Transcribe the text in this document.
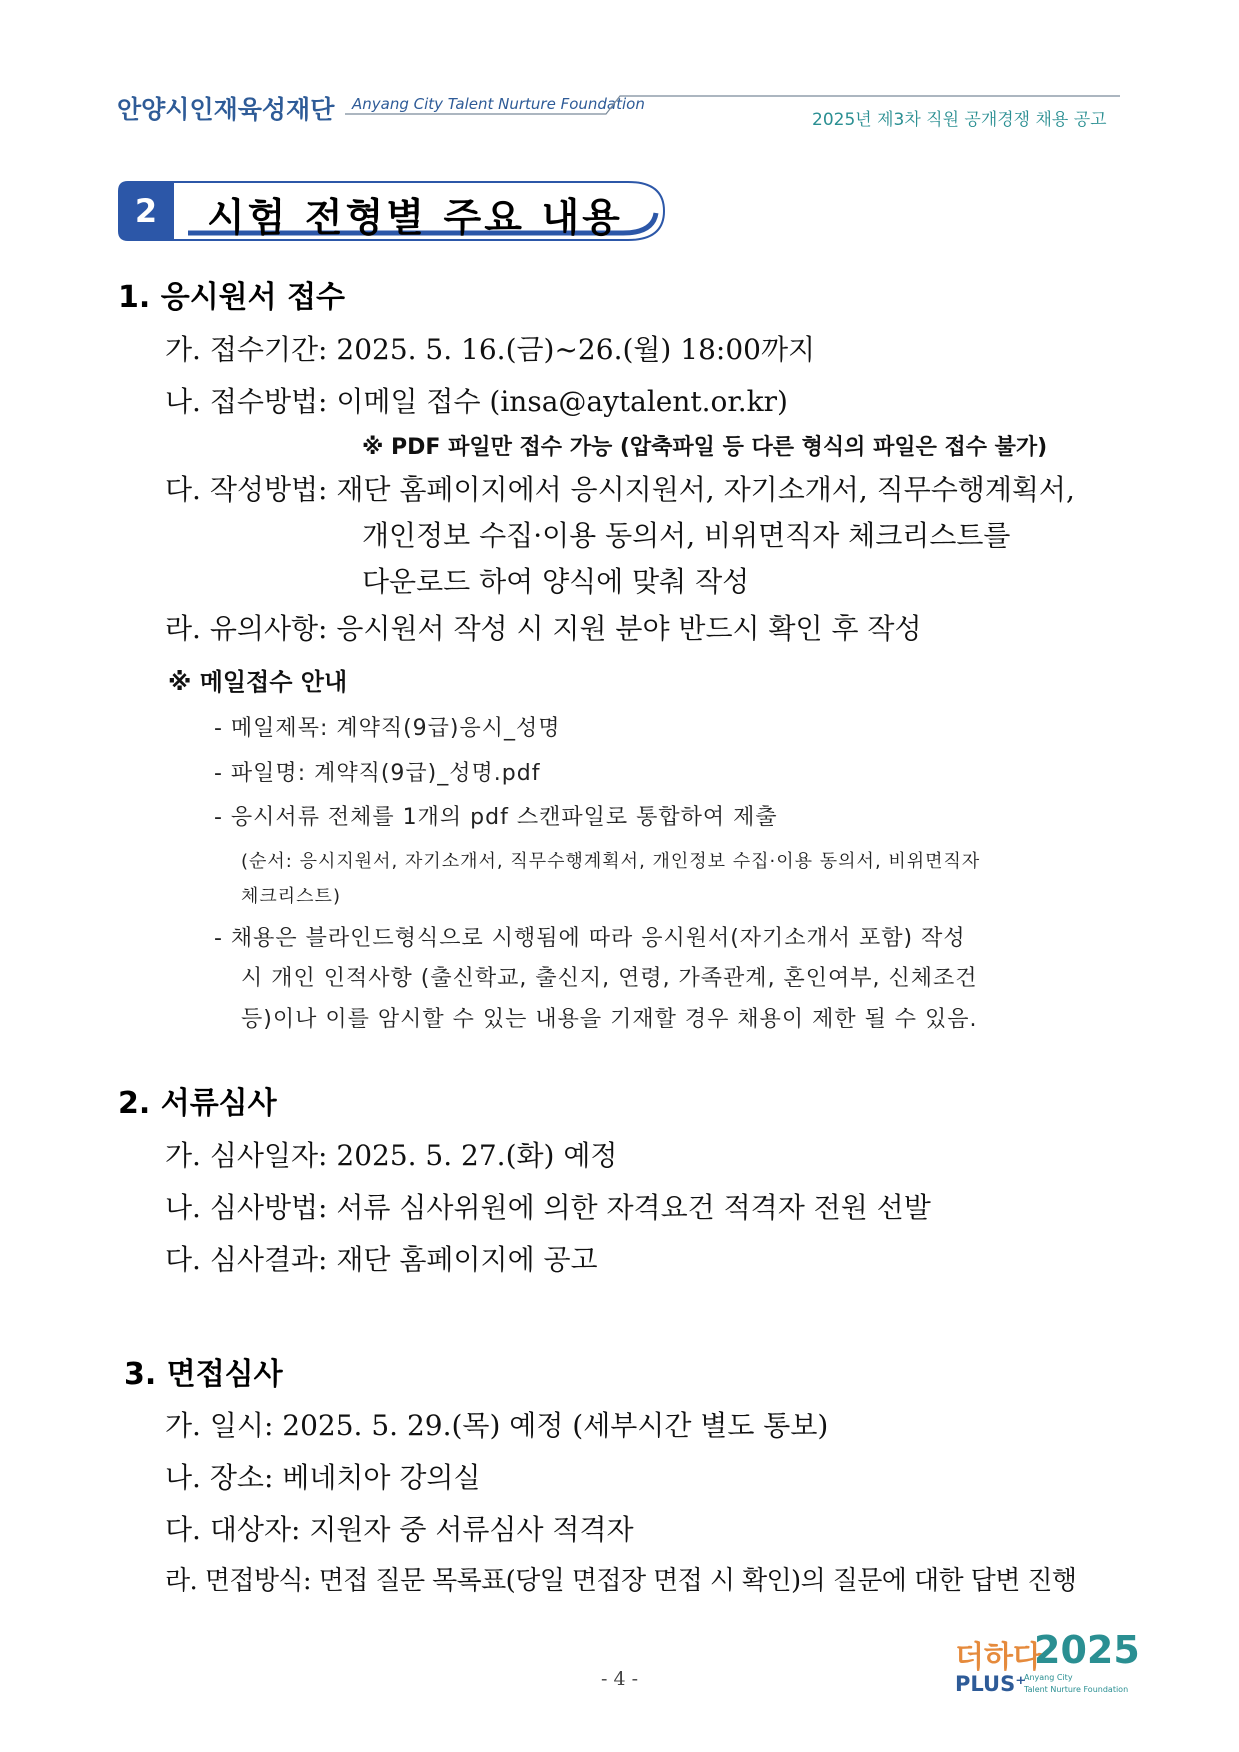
안양시인재육성재단 Anyang City Talent Nurture Foundation
2025년 제3차 직원 공개경쟁 채용 공고
2	시험 전형별 주요 내용
1. 응시원서 접수
가. 접수기간: 2025. 5. 16.(금)~26.(월) 18:00까지
나. 접수방법: 이메일 접수 (insa@aytalent.or.kr)
※ PDF 파일만 접수 가능 (압축파일 등 다른 형식의 파일은 접수 불가)
다. 작성방법: 재단 홈페이지에서 응시지원서, 자기소개서, 직무수행계획서,
개인정보 수집·이용 동의서, 비위면직자 체크리스트를
다운로드 하여 양식에 맞춰 작성
라. 유의사항: 응시원서 작성 시 지원 분야 반드시 확인 후 작성
※ 메일접수 안내
- 메일제목: 계약직(9급)응시_성명
- 파일명: 계약직(9급)_성명.pdf
- 응시서류 전체를 1개의 pdf 스캔파일로 통합하여 제출
(순서: 응시지원서, 자기소개서, 직무수행계획서, 개인정보 수집·이용 동의서, 비위면직자
체크리스트)
- 채용은 블라인드형식으로 시행됨에 따라 응시원서(자기소개서 포함) 작성
시 개인 인적사항 (출신학교, 출신지, 연령, 가족관계, 혼인여부, 신체조건
등)이나 이를 암시할 수 있는 내용을 기재할 경우 채용이 제한 될 수 있음.
2. 서류심사
가. 심사일자: 2025. 5. 27.(화) 예정
나. 심사방법: 서류 심사위원에 의한 자격요건 적격자 전원 선발
다. 심사결과: 재단 홈페이지에 공고
3. 면접심사
가. 일시: 2025. 5. 29.(목) 예정 (세부시간 별도 통보)
나. 장소: 베네치아 강의실
다. 대상자: 지원자 중 서류심사 적격자
라. 면접방식: 면접 질문 목록표(당일 면접장 면접 시 확인)의 질문에 대한 답변 진행
- 4 -
더하다
2025
PLUS⁺
Anyang City
Talent Nurture Foundation
